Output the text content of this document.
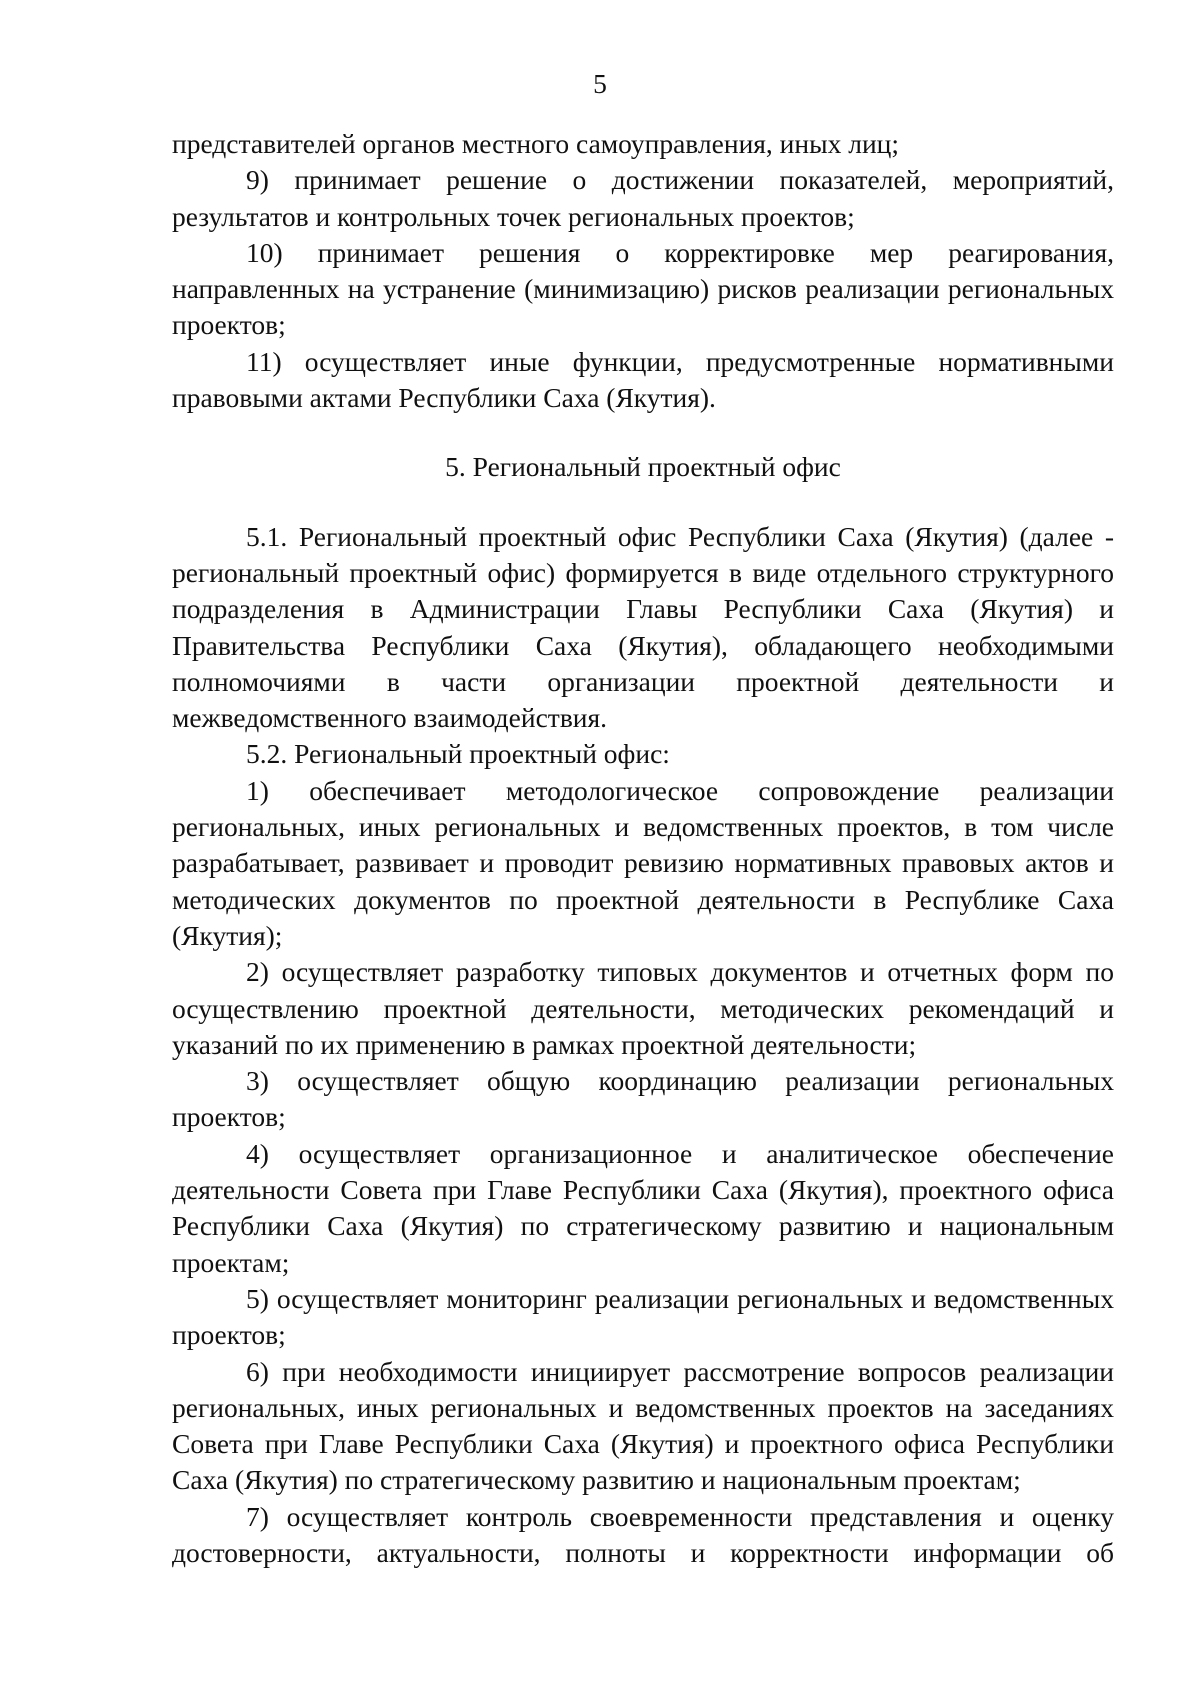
5

представителей органов местного самоуправления, иных лиц;

9) принимает решение о достижении показателей, мероприятий, результатов и контрольных точек региональных проектов;

10) принимает решения о корректировке мер реагирования, направленных на устранение (минимизацию) рисков реализации региональных проектов;

11) осуществляет иные функции, предусмотренные нормативными правовыми актами Республики Саха (Якутия).

5. Региональный проектный офис

5.1. Региональный проектный офис Республики Саха (Якутия) (далее - региональный проектный офис) формируется в виде отдельного структурного подразделения в Администрации Главы Республики Саха (Якутия) и Правительства Республики Саха (Якутия), обладающего необходимыми полномочиями в части организации проектной деятельности и межведомственного взаимодействия.

5.2. Региональный проектный офис:

1) обеспечивает методологическое сопровождение реализации региональных, иных региональных и ведомственных проектов, в том числе разрабатывает, развивает и проводит ревизию нормативных правовых актов и методических документов по проектной деятельности в Республике Саха (Якутия);

2) осуществляет разработку типовых документов и отчетных форм по осуществлению проектной деятельности, методических рекомендаций и указаний по их применению в рамках проектной деятельности;

3) осуществляет общую координацию реализации региональных проектов;

4) осуществляет организационное и аналитическое обеспечение деятельности Совета при Главе Республики Саха (Якутия), проектного офиса Республики Саха (Якутия) по стратегическому развитию и национальным проектам;

5) осуществляет мониторинг реализации региональных и ведомственных проектов;

6) при необходимости инициирует рассмотрение вопросов реализации региональных, иных региональных и ведомственных проектов на заседаниях Совета при Главе Республики Саха (Якутия) и проектного офиса Республики Саха (Якутия) по стратегическому развитию и национальным проектам;

7) осуществляет контроль своевременности представления и оценку достоверности, актуальности, полноты и корректности информации об
